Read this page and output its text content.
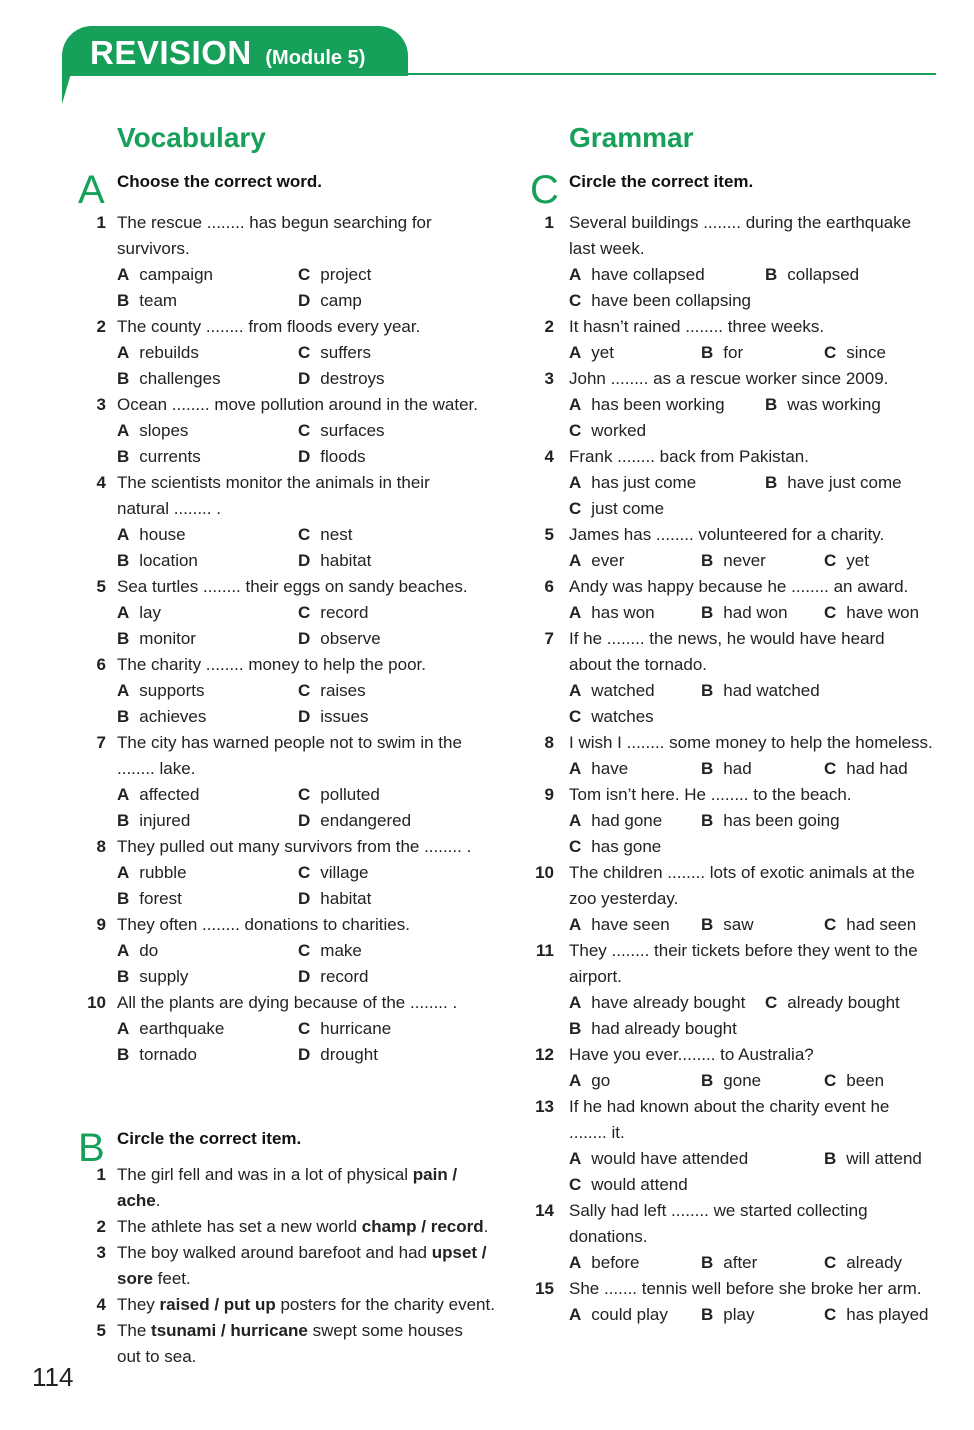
REVISION (Module 5)
Vocabulary	Grammar
A Choose the correct word.
1 The rescue ........ has begun searching for
survivors.
A campaign	C project
B team	D camp
2 The county ........ from floods every year.
A rebuilds	C suffers
B challenges	D destroys
3 Ocean ........ move pollution around in the water.
A slopes	C surfaces
B currents	D floods
4 The scientists monitor the animals in their
natural ........ .
A house	C nest
B location	D habitat
5 Sea turtles ........ their eggs on sandy beaches.
A lay	C record
B monitor	D observe
6 The charity ........ money to help the poor.
A supports	C raises
B achieves	D issues
7 The city has warned people not to swim in the
........ lake.
A affected	C polluted
B injured	D endangered
8 They pulled out many survivors from the ........ .
A rubble	C village
B forest	D habitat
9 They often ........ donations to charities.
A do	C make
B supply	D record
10 All the plants are dying because of the ........ .
A earthquake	C hurricane
B tornado	D drought
B Circle the correct item.
1 The girl fell and was in a lot of physical pain /
ache.
2 The athlete has set a new world champ / record.
3 The boy walked around barefoot and had upset /
sore feet.
4 They raised / put up posters for the charity event.
5 The tsunami / hurricane swept some houses
out to sea.
C Circle the correct item.
1 Several buildings ........ during the earthquake
last week.
A have collapsed	B collapsed
C have been collapsing
2 It hasn’t rained ........ three weeks.
A yet	B for	C since
3 John ........ as a rescue worker since 2009.
A has been working B was working
C worked
4 Frank ........ back from Pakistan.
A has just come	B have just come
C just come
5 James has ........ volunteered for a charity.
A ever	B never	C yet
6 Andy was happy because he ........ an award.
A has won	B had won C have won
7 If he ........ the news, he would have heard
about the tornado.
A watched	B had watched
C watches
8 I wish I ........ some money to help the homeless.
A have	B had	C had had
9 Tom isn’t here. He ........ to the beach.
A had gone B has been going
C has gone
10 The children ........ lots of exotic animals at the
zoo yesterday.
A have seen B saw	C had seen
11 They ........ their tickets before they went to the
airport.
A have already bought C already bought
B had already bought
12 Have you ever........ to Australia?
A go	B gone	C been
13 If he had known about the charity event he
........ it.
A would have attended	B will attend
C would attend
14 Sally had left ........ we started collecting
donations.
A before	B after	C already
15 She ....... tennis well before she broke her arm.
A could play B play	C has played
114
